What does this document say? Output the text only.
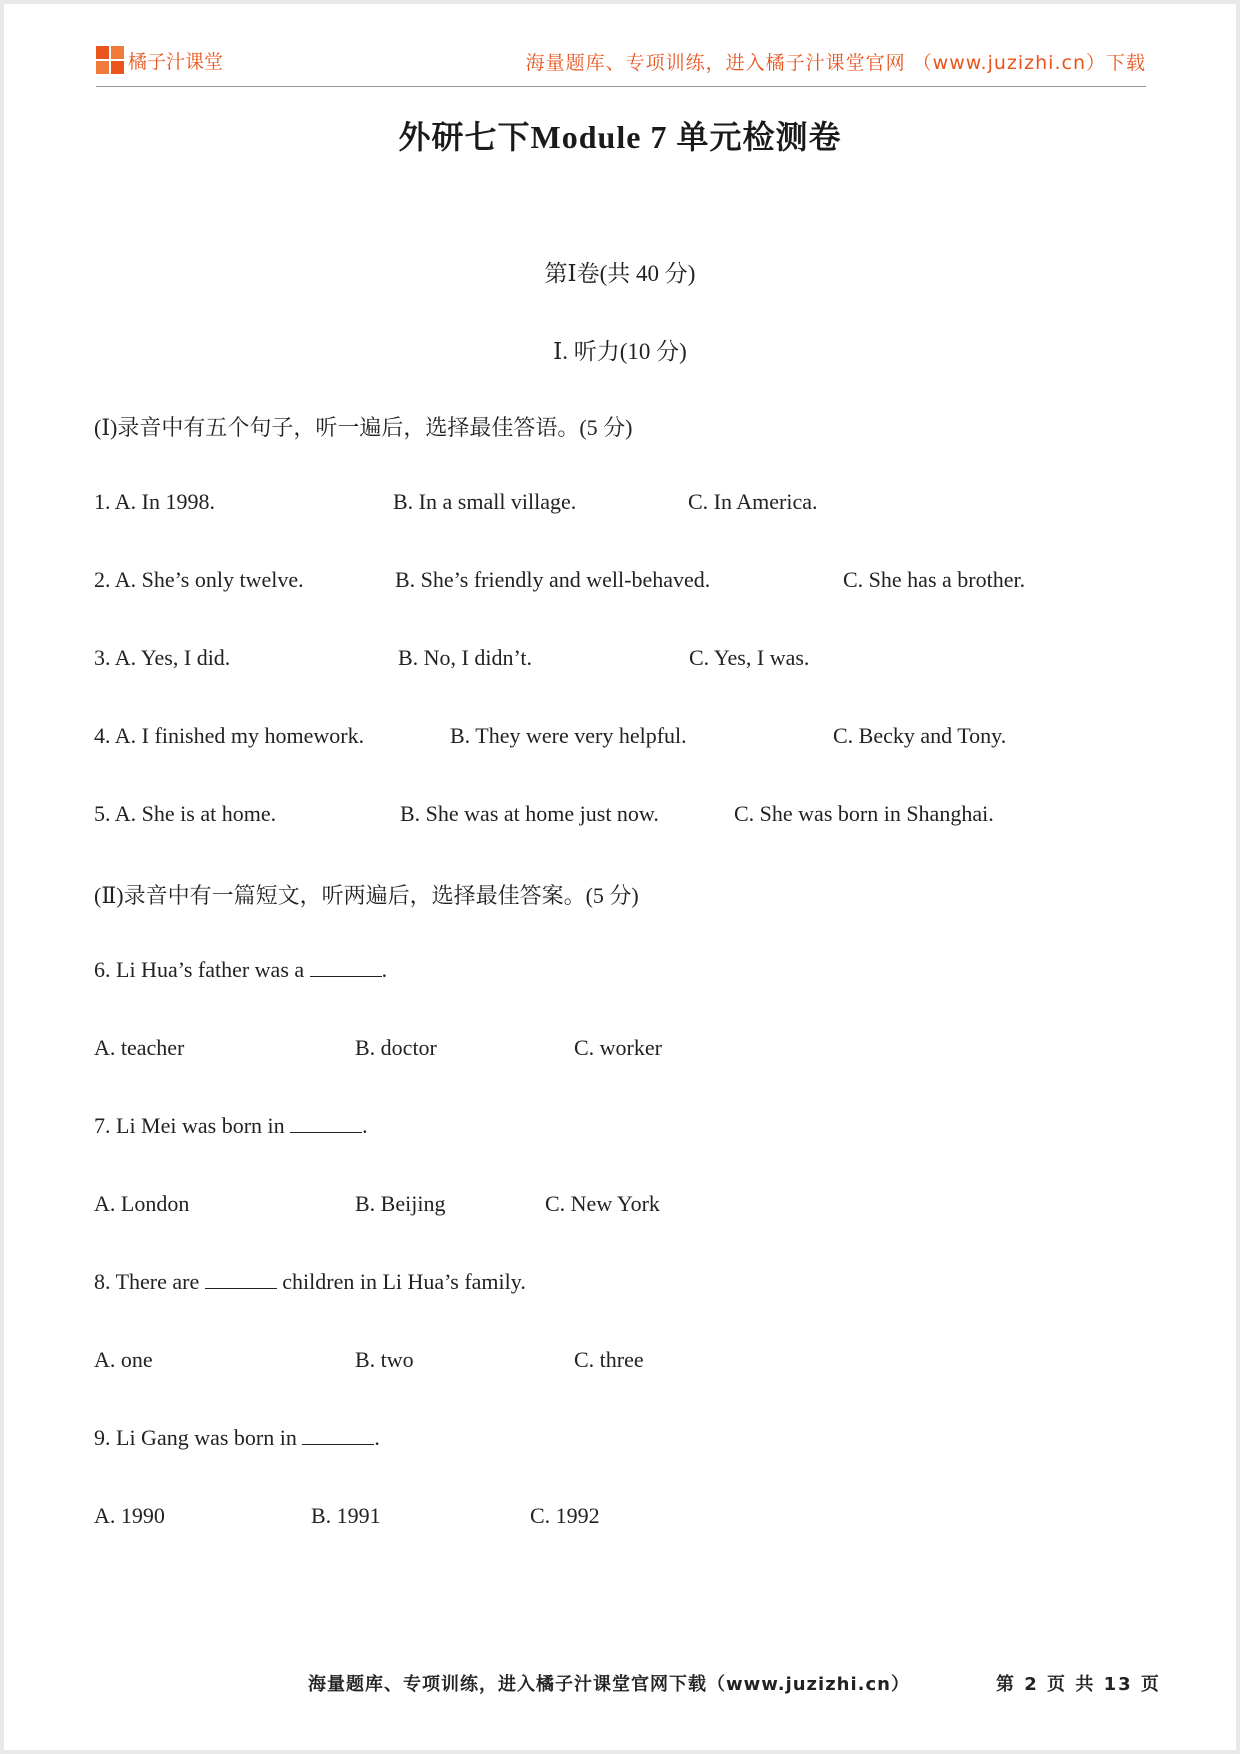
橘子汁课堂	海量题库、专项训练，进入橘子汁课堂官网 （www.juzizhi.cn）下载
外研七下Module 7 单元检测卷
第Ⅰ卷(共 40 分)
Ⅰ. 听力(10 分)
(Ⅰ)录音中有五个句子，听一遍后，选择最佳答语。(5 分)
1. A. In 1998.	B. In a small village.	C. In America.
2. A. She’s only twelve.	B. She’s friendly and well-behaved.	C. She has a brother.
3. A. Yes, I did.	B. No, I didn’t.	C. Yes, I was.
4. A. I finished my homework.	B. They were very helpful.	C. Becky and Tony.
5. A. She is at home.	B. She was at home just now.	C. She was born in Shanghai.
(Ⅱ)录音中有一篇短文，听两遍后，选择最佳答案。(5 分)
6. Li Hua’s father was a	.
A. teacher	B. doctor	C. worker
7. Li Mei was born in	.
A. London	B. Beijing	C. New York
8. There are	children in Li Hua’s family.
A. one	B. two	C. three
9. Li Gang was born in	.
A. 1990	B. 1991	C. 1992
海量题库、专项训练，进入橘子汁课堂官网下载（www.juzizhi.cn）	第 2 页 共 13 页
